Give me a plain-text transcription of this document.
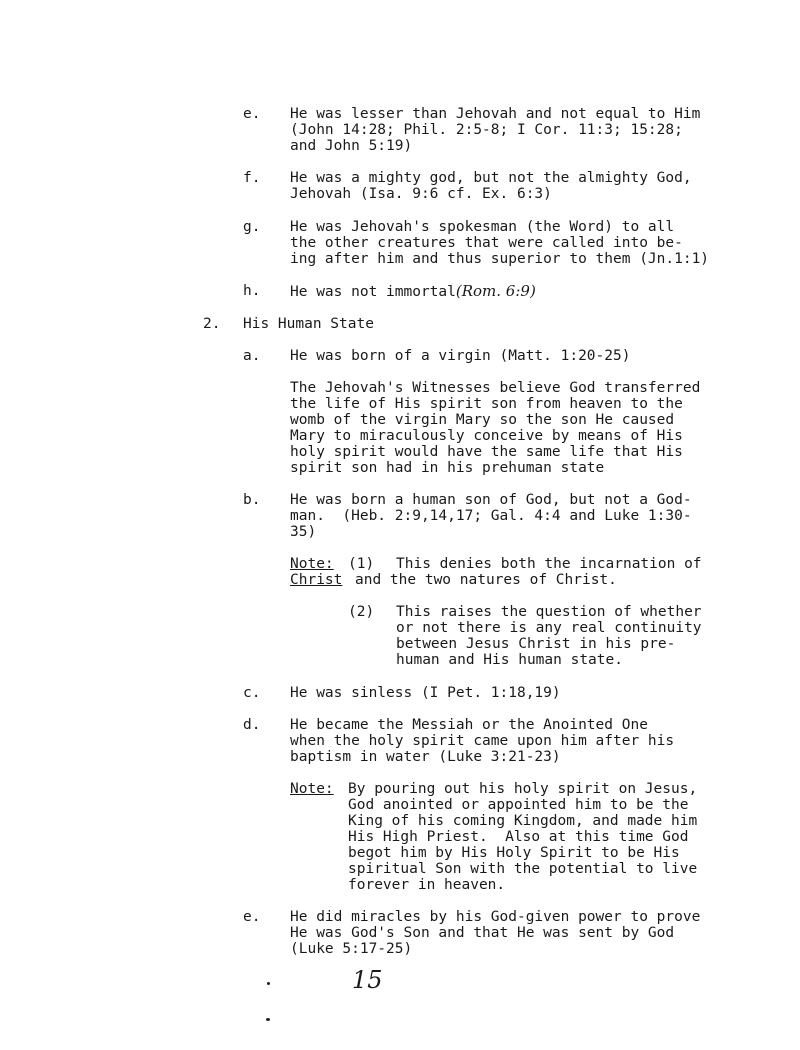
e. He was lesser than Jehovah and not equal to Him
(John 14:28; Phil. 2:5-8; I Cor. 11:3; 15:28;
and John 5:19)
f. He was a mighty god, but not the almighty God,
Jehovah (Isa. 9:6 cf. Ex. 6:3)
g. He was Jehovah's spokesman (the Word) to all
the other creatures that were called into be-
ing after him and thus superior to them (Jn.1:1)
h. He was not immortal(Rom. 6:9)
2. His Human State
a. He was born of a virgin (Matt. 1:20-25)
The Jehovah's Witnesses believe God transferred
the life of His spirit son from heaven to the
womb of the virgin Mary so the son He caused
Mary to miraculously conceive by means of His
holy spirit would have the same life that His
spirit son had in his prehuman state
b. He was born a human son of God, but not a God-
man.  (Heb. 2:9,14,17; Gal. 4:4 and Luke 1:30-
35)
Note: (1) This denies both the incarnation of
Christ and the two natures of Christ.
(2) This raises the question of whether
or not there is any real continuity
between Jesus Christ in his pre-
human and His human state.
c. He was sinless (I Pet. 1:18,19)
d. He became the Messiah or the Anointed One
when the holy spirit came upon him after his
baptism in water (Luke 3:21-23)
Note: By pouring out his holy spirit on Jesus,
God anointed or appointed him to be the
King of his coming Kingdom, and made him
His High Priest.  Also at this time God
begot him by His Holy Spirit to be His
spiritual Son with the potential to live
forever in heaven.
e. He did miracles by his God-given power to prove
He was God's Son and that He was sent by God
(Luke 5:17-25)
15
